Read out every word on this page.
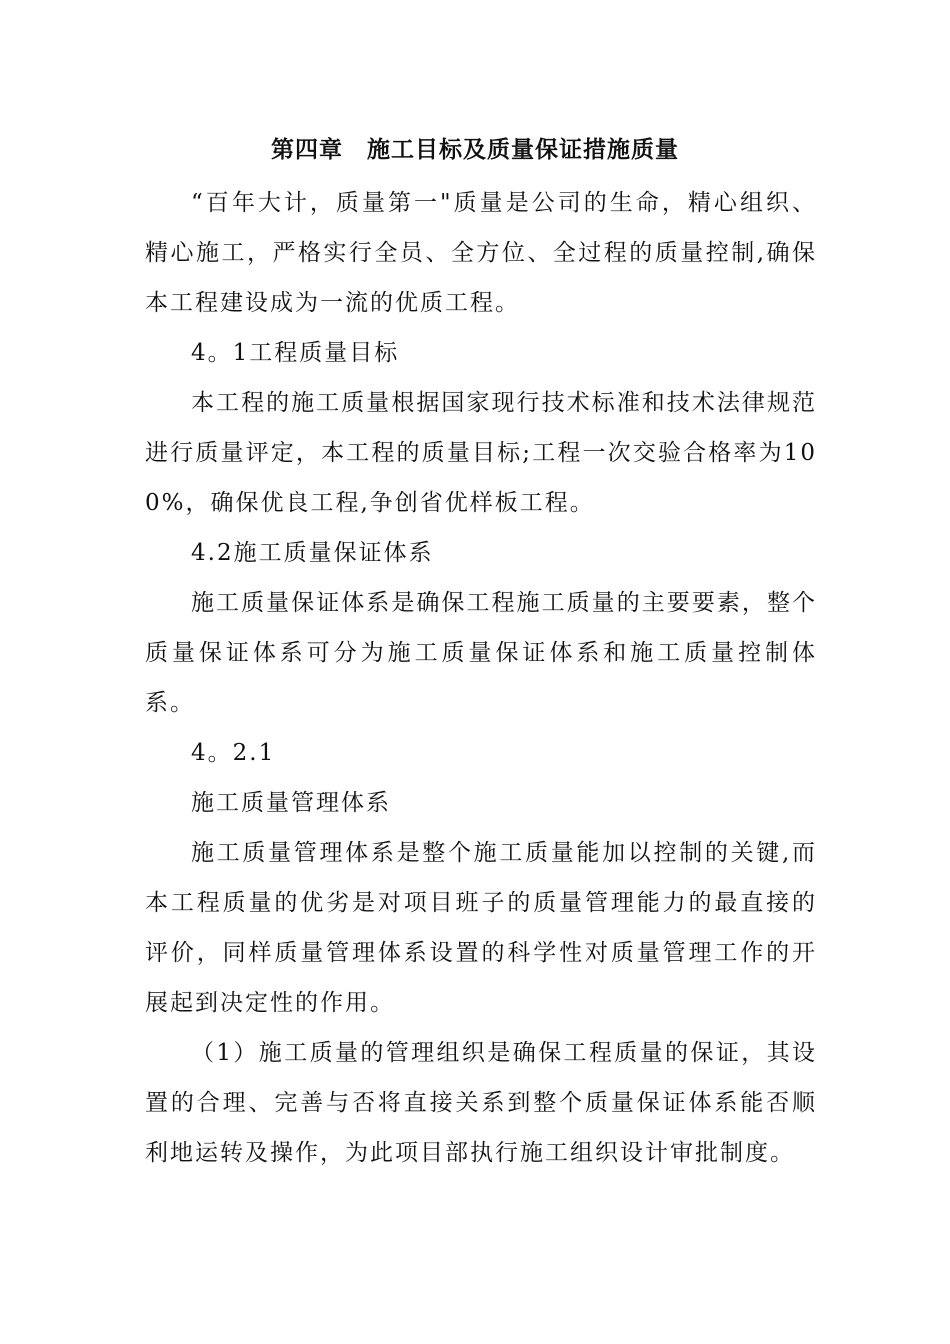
第四章　施工目标及质量保证措施质量

“百年大计，质量第一"质量是公司的生命，精心组织、精心施工，严格实行全员、全方位、全过程的质量控制,确保本工程建设成为一流的优质工程。

4。1工程质量目标

本工程的施工质量根据国家现行技术标准和技术法律规范进行质量评定，本工程的质量目标;工程一次交验合格率为100%，确保优良工程,争创省优样板工程。

4.2施工质量保证体系

施工质量保证体系是确保工程施工质量的主要要素，整个质量保证体系可分为施工质量保证体系和施工质量控制体系。

4。2.1

施工质量管理体系

施工质量管理体系是整个施工质量能加以控制的关键,而本工程质量的优劣是对项目班子的质量管理能力的最直接的评价，同样质量管理体系设置的科学性对质量管理工作的开展起到决定性的作用。

（1）施工质量的管理组织是确保工程质量的保证，其设置的合理、完善与否将直接关系到整个质量保证体系能否顺利地运转及操作，为此项目部执行施工组织设计审批制度。
